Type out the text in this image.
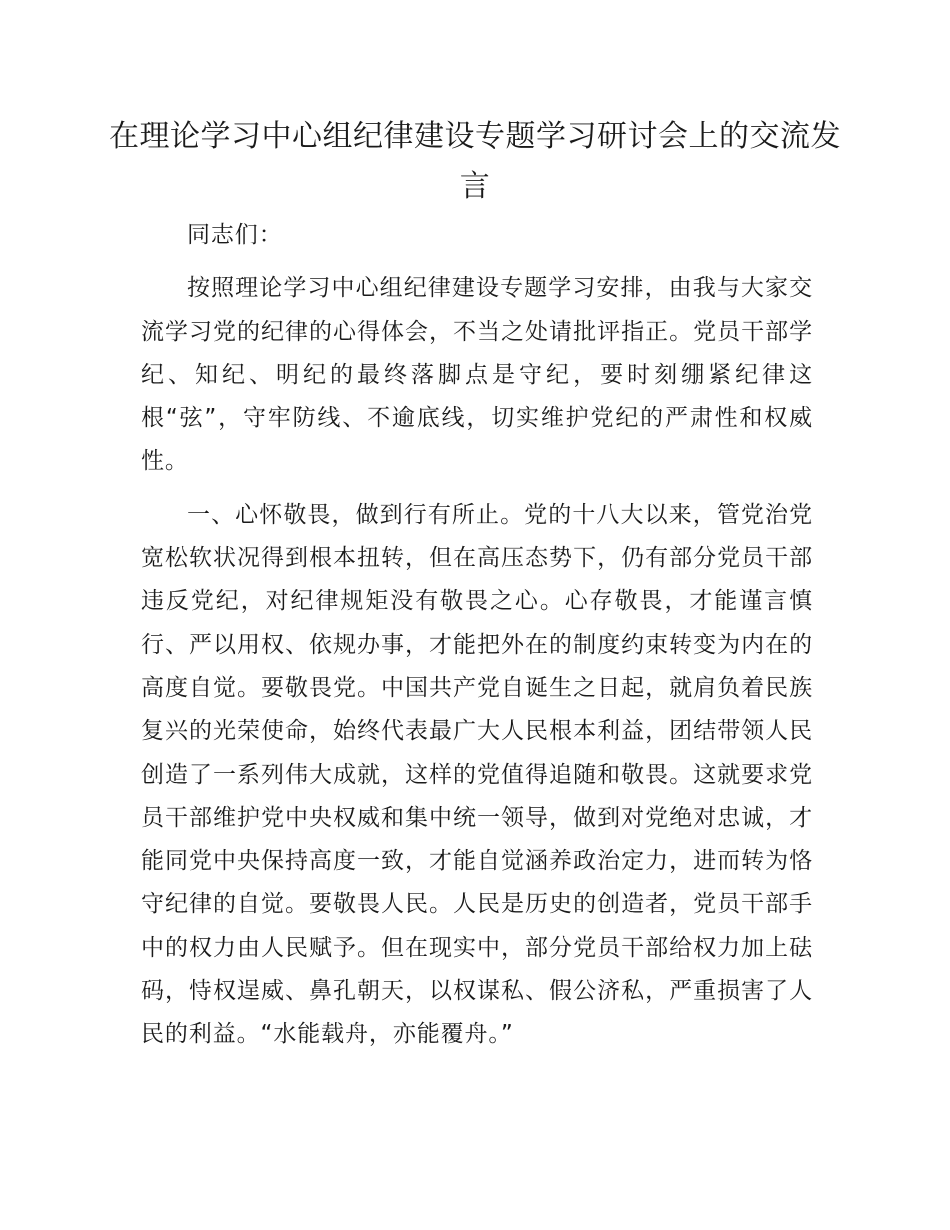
在理论学习中心组纪律建设专题学习研讨会上的交流发言

同志们：

按照理论学习中心组纪律建设专题学习安排，由我与大家交流学习党的纪律的心得体会，不当之处请批评指正。党员干部学纪、知纪、明纪的最终落脚点是守纪，要时刻绷紧纪律这根“弦”，守牢防线、不逾底线，切实维护党纪的严肃性和权威性。

一、心怀敬畏，做到行有所止。党的十八大以来，管党治党宽松软状况得到根本扭转，但在高压态势下，仍有部分党员干部违反党纪，对纪律规矩没有敬畏之心。心存敬畏，才能谨言慎行、严以用权、依规办事，才能把外在的制度约束转变为内在的高度自觉。要敬畏党。中国共产党自诞生之日起，就肩负着民族复兴的光荣使命，始终代表最广大人民根本利益，团结带领人民创造了一系列伟大成就，这样的党值得追随和敬畏。这就要求党员干部维护党中央权威和集中统一领导，做到对党绝对忠诚，才能同党中央保持高度一致，才能自觉涵养政治定力，进而转为恪守纪律的自觉。要敬畏人民。人民是历史的创造者，党员干部手中的权力由人民赋予。但在现实中，部分党员干部给权力加上砝码，恃权逞威、鼻孔朝天，以权谋私、假公济私，严重损害了人民的利益。“水能载舟，亦能覆舟。”
